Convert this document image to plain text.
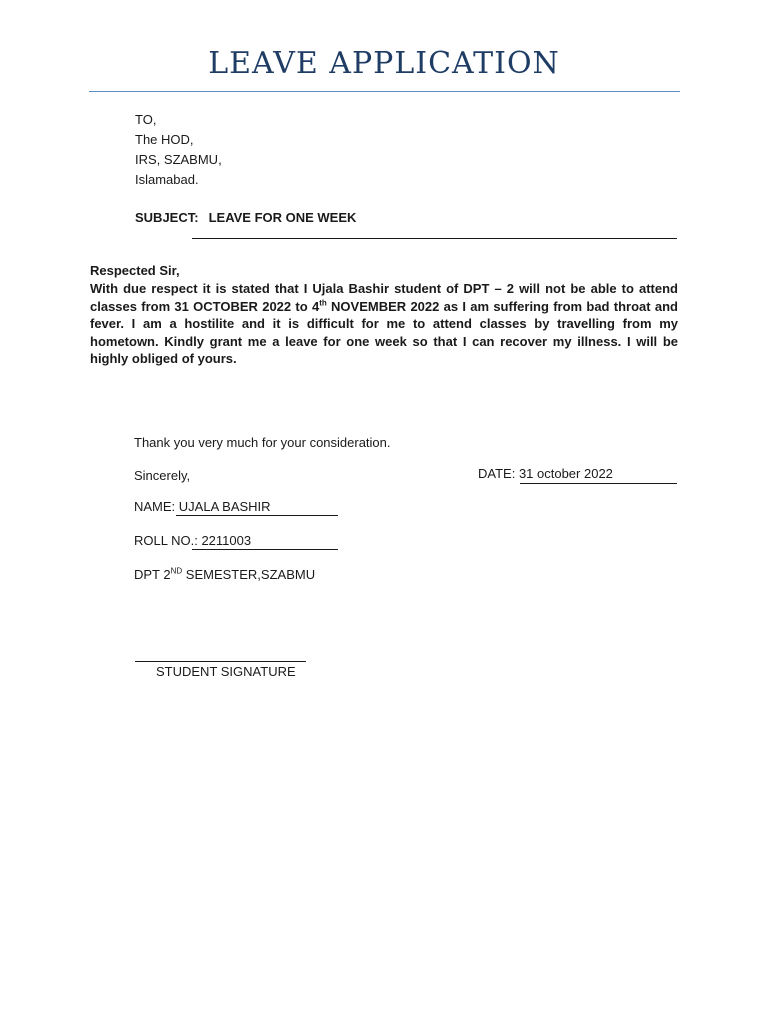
LEAVE APPLICATION
TO,
The HOD,
IRS, SZABMU,
Islamabad.
SUBJECT: LEAVE FOR ONE WEEK
Respected Sir,

With due respect it is stated that I Ujala Bashir student of DPT – 2 will not be able to attend classes from 31 OCTOBER 2022 to 4th NOVEMBER 2022 as I am suffering from bad throat and fever. I am a hostilite and it is difficult for me to attend classes by travelling from my hometown. Kindly grant me a leave for one week so that I can recover my illness. I will be highly obliged of yours.

Thank you very much for your consideration.
Sincerely,	DATE: 31 october 2022
NAME: UJALA BASHIR
ROLL NO.: 2211003
DPT 2ND SEMESTER,SZABMU
STUDENT SIGNATURE
